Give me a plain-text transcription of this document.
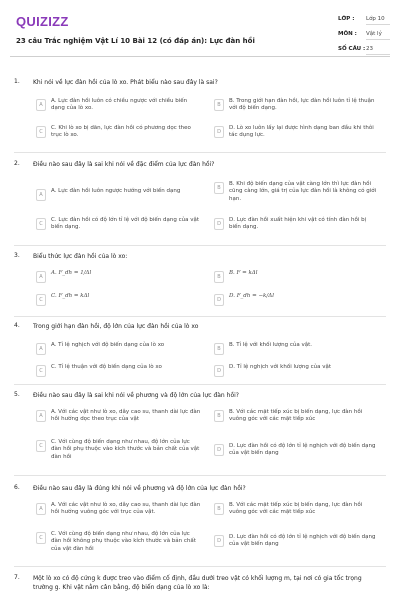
QUIZIZZ
23 câu Trắc nghiệm Vật Lí 10 Bài 12 (có đáp án): Lực đàn hồi
LỚP : Lớp 10
MÔN : Vật lý
SỐ CÂU : 23
1. Khi nói về lực đàn hồi của lò xo. Phát biểu nào sau đây là sai?
A
A. Lực đàn hồi luôn có chiều ngược với chiều biến dạng của lò xo.
B
B. Trong giới hạn đàn hồi, lực đàn hồi luôn tỉ lệ thuận với độ biến dạng.
C
C. Khi lò xo bị dãn, lực đàn hồi có phương dọc theo trục lò xo.
D
D. Lò xo luôn lấy lại được hình dạng ban đầu khi thôi tác dụng lực.
2. Điều nào sau đây là sai khi nói về đặc điểm của lực đàn hồi?
A
A. Lực đàn hồi luôn ngược hướng với biến dạng	B
B. Khi độ biến dạng của vật càng lớn thì lực đàn hồi cũng càng lớn, giá trị của lực đàn hồi là không có giới hạn.
C
C. Lực đàn hồi có độ lớn tỉ lệ với độ biến dạng của vật biến dạng.
D
D. Lực đàn hồi xuất hiện khi vật có tính đàn hồi bị biến dạng.
3. Biểu thức lực đàn hồi của lò xo:
A
A. F_dh = 1/Δl
B
B. F = kΔl
C
C. F_dh = kΔl
D
D. F_dh = −k/Δl
4. Trong giới hạn đàn hồi, độ lớn của lực đàn hồi của lò xo
A
A. Tỉ lệ nghịch với độ biến dạng của lò xo
B
B. Tỉ lệ với khối lượng của vật.
C
C. Tỉ lệ thuận với độ biến dạng của lò xo
D
D. Tỉ lệ nghịch với khối lượng của vật
5. Điều nào sau đây là sai khi nói về phương và độ lớn của lực đàn hồi?
A
A. Với các vật như lò xo, dây cao su, thanh dài lực đàn hồi hướng dọc theo trục của vật
B
B. Với các mặt tiếp xúc bị biến dạng, lực đàn hồi vuông góc với các mặt tiếp xúc
C
C. Với cùng độ biến dạng như nhau, độ lớn của lực đàn hồi phụ thuộc vào kích thước và bản chất của vật đàn hồi
D
D. Lực đàn hồi có độ lớn tỉ lệ nghịch với độ biến dạng của vật biến dạng
6. Điều nào sau đây là đúng khi nói về phương và độ lớn của lực đàn hồi?
A
A. Với các vật như lò xo, dây cao su, thanh dài lực đàn hồi hướng vuông góc với trục của vật.
B
B. Với các mặt tiếp xúc bị biến dạng, lực đàn hồi vuông góc với các mặt tiếp xúc
C
C. Với cùng độ biến dạng như nhau, độ lớn của lực đàn hồi không phụ thuộc vào kích thước và bản chất của vật đàn hồi
D
D. Lực đàn hồi có độ lớn tỉ lệ nghịch với độ biến dạng của vật biến dạng
7. Một lò xo có độ cứng k được treo vào điểm cố định, đầu dưới treo vật có khối lượng m, tại nơi có gia tốc trọng trường g. Khi vật nằm cân bằng, độ biến dạng của lò xo là:
